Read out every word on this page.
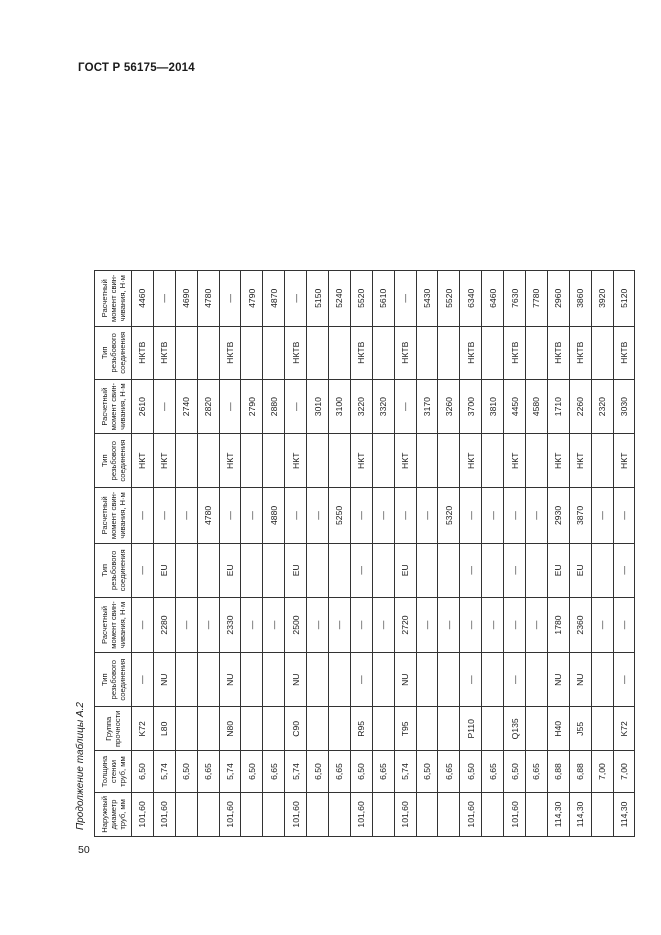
ГОСТ Р 56175—2014
Продолжение таблицы А.2
50
Наружный диаметр труб, мм	Толщина стенки труб, мм	Группа прочности	Тип резьбового соединения	Расчетный момент свин-чивания, Н·м	Тип резьбового соединения	Расчетный момент свин-чивания, Н·м	Тип резьбового соединения	Расчетный момент свин-чивания, Н·м	Тип резьбового соединения	Расчетный момент свин-чивания, Н·м
101,60	6,50	K72	—	—	—	—	НКТ	2610	НКТВ	4460
101,60	5,74	L80	NU	2280	EU	—	НКТ	—	НКТВ	—
	6,50			—		—		2740		4690
	6,65			—		4780		2820		4780
101,60	5,74	N80	NU	2330	EU	—	НКТ	—	НКТВ	—
	6,50			—		—		2790		4790
	6,65			—		4880		2880		4870
101,60	5,74	C90	NU	2500	EU	—	НКТ	—	НКТВ	—
	6,50			—		—		3010		5150
	6,65			—		5250		3100		5240
101,60	6,50	R95	—	—	—	—	НКТ	3220	НКТВ	5520
	6,65			—		—		3320		5610
101,60	5,74	T95	NU	2720	EU	—	НКТ	—	НКТВ	—
	6,50			—		—		3170		5430
	6,65			—		5320		3260		5520
101,60	6,50	P110	—	—	—	—	НКТ	3700	НКТВ	6340
	6,65			—		—		3810		6460
101,60	6,50	Q135	—	—	—	—	НКТ	4450	НКТВ	7630
	6,65			—		—		4580		7780
114,30	6,88	H40	NU	1780	EU	2930	НКТ	1710	НКТВ	2960
114,30	6,88	J55	NU	2360	EU	3870	НКТ	2260	НКТВ	3860
	7,00			—		—		2320		3920
114,30	7,00	K72	—	—	—	—	НКТ	3030	НКТВ	5120
